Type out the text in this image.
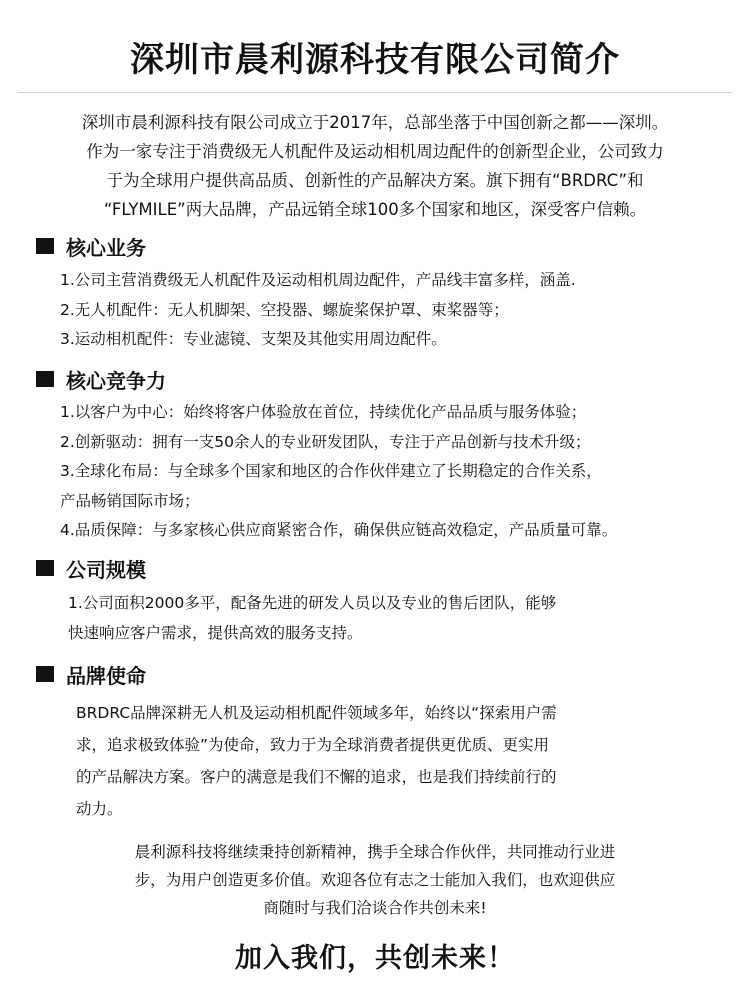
深圳市晨利源科技有限公司简介

深圳市晨利源科技有限公司成立于2017年，总部坐落于中国创新之都——深圳。

作为一家专注于消费级无人机配件及运动相机周边配件的创新型企业，公司致力

于为全球用户提供高品质、创新性的产品解决方案。旗下拥有“BRDRC”和

“FLYMILE”两大品牌，产品远销全球100多个国家和地区，深受客户信赖。

核心业务

1.公司主营消费级无人机配件及运动相机周边配件，产品线丰富多样，涵盖.

2.无人机配件：无人机脚架、空投器、螺旋桨保护罩、束桨器等；

3.运动相机配件：专业滤镜、支架及其他实用周边配件。

核心竞争力

1.以客户为中心：始终将客户体验放在首位，持续优化产品品质与服务体验；

2.创新驱动：拥有一支50余人的专业研发团队，专注于产品创新与技术升级；

3.全球化布局：与全球多个国家和地区的合作伙伴建立了长期稳定的合作关系，

产品畅销国际市场；

4.品质保障：与多家核心供应商紧密合作，确保供应链高效稳定，产品质量可靠。

公司规模

1.公司面积2000多平，配备先进的研发人员以及专业的售后团队，能够

快速响应客户需求，提供高效的服务支持。

品牌使命

BRDRC品牌深耕无人机及运动相机配件领域多年，始终以“探索用户需

求，追求极致体验”为使命，致力于为全球消费者提供更优质、更实用

的产品解决方案。客户的满意是我们不懈的追求，也是我们持续前行的

动力。

晨利源科技将继续秉持创新精神，携手全球合作伙伴，共同推动行业进

步，为用户创造更多价值。欢迎各位有志之士能加入我们，也欢迎供应

商随时与我们洽谈合作共创未来!

加入我们，共创未来！
